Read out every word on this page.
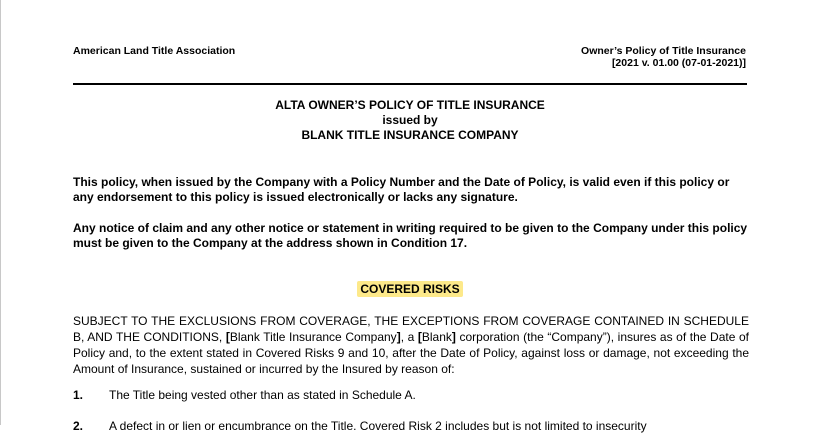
American Land Title Association	Owner’s Policy of Title Insurance
[2021 v. 01.00 (07-01-2021)]
ALTA OWNER’S POLICY OF TITLE INSURANCE
issued by
BLANK TITLE INSURANCE COMPANY
This policy, when issued by the Company with a Policy Number and the Date of Policy, is valid even if this policy or any endorsement to this policy is issued electronically or lacks any signature.
Any notice of claim and any other notice or statement in writing required to be given to the Company under this policy must be given to the Company at the address shown in Condition 17.
COVERED RISKS
SUBJECT TO THE EXCLUSIONS FROM COVERAGE, THE EXCEPTIONS FROM COVERAGE CONTAINED IN SCHEDULE B, AND THE CONDITIONS, [Blank Title Insurance Company], a [Blank] corporation (the “Company”), insures as of the Date of Policy and, to the extent stated in Covered Risks 9 and 10, after the Date of Policy, against loss or damage, not exceeding the Amount of Insurance, sustained or incurred by the Insured by reason of:
1. The Title being vested other than as stated in Schedule A.
2. A defect in or lien or encumbrance on the Title. Covered Risk 2 includes but is not limited to insecurity
